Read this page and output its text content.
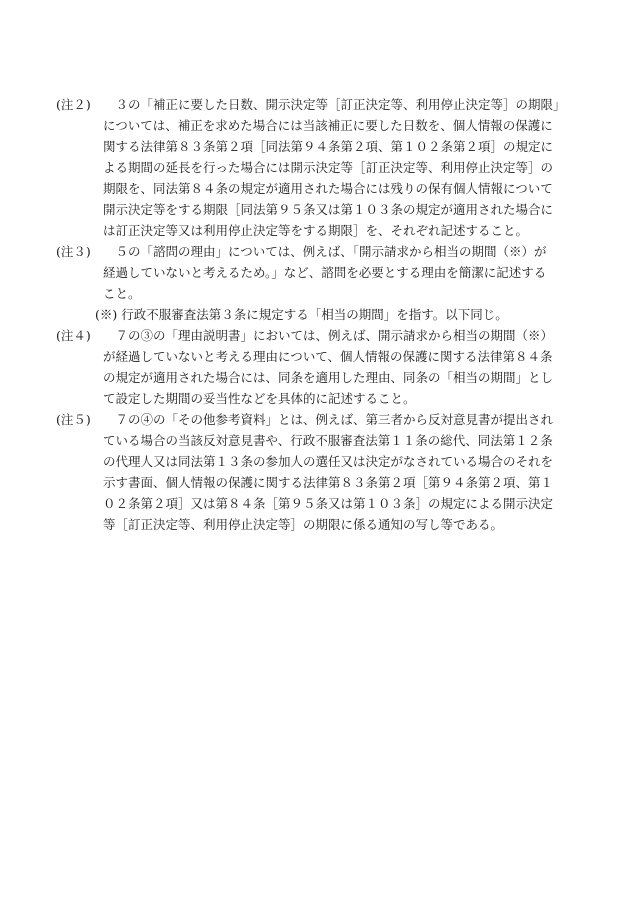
(注２) 　３の「補正に要した日数、開示決定等［訂正決定等、利用停止決定等］の期限」
については、補正を求めた場合には当該補正に要した日数を、個人情報の保護に
関する法律第８３条第２項［同法第９４条第２項、第１０２条第２項］の規定に
よる期間の延長を行った場合には開示決定等［訂正決定等、利用停止決定等］の
期限を、同法第８４条の規定が適用された場合には残りの保有個人情報について
開示決定等をする期限［同法第９５条又は第１０３条の規定が適用された場合に
は訂正決定等又は利用停止決定等をする期限］を、それぞれ記述すること。
(注３) 　５の「諮問の理由」については、例えば、「開示請求から相当の期間（※）が
経過していないと考えるため。」など、諮問を必要とする理由を簡潔に記述する
こと。
(※) 行政不服審査法第３条に規定する「相当の期間」を指す。以下同じ。
(注４) 　７の③の「理由説明書」においては、例えば、開示請求から相当の期間（※）
が経過していないと考える理由について、個人情報の保護に関する法律第８４条
の規定が適用された場合には、同条を適用した理由、同条の「相当の期間」とし
て設定した期間の妥当性などを具体的に記述すること。
(注５) 　７の④の「その他参考資料」とは、例えば、第三者から反対意見書が提出され
ている場合の当該反対意見書や、行政不服審査法第１１条の総代、同法第１２条
の代理人又は同法第１３条の参加人の選任又は決定がなされている場合のそれを
示す書面、個人情報の保護に関する法律第８３条第２項［第９４条第２項、第１
０２条第２項］又は第８４条［第９５条又は第１０３条］の規定による開示決定
等［訂正決定等、利用停止決定等］の期限に係る通知の写し等である。
